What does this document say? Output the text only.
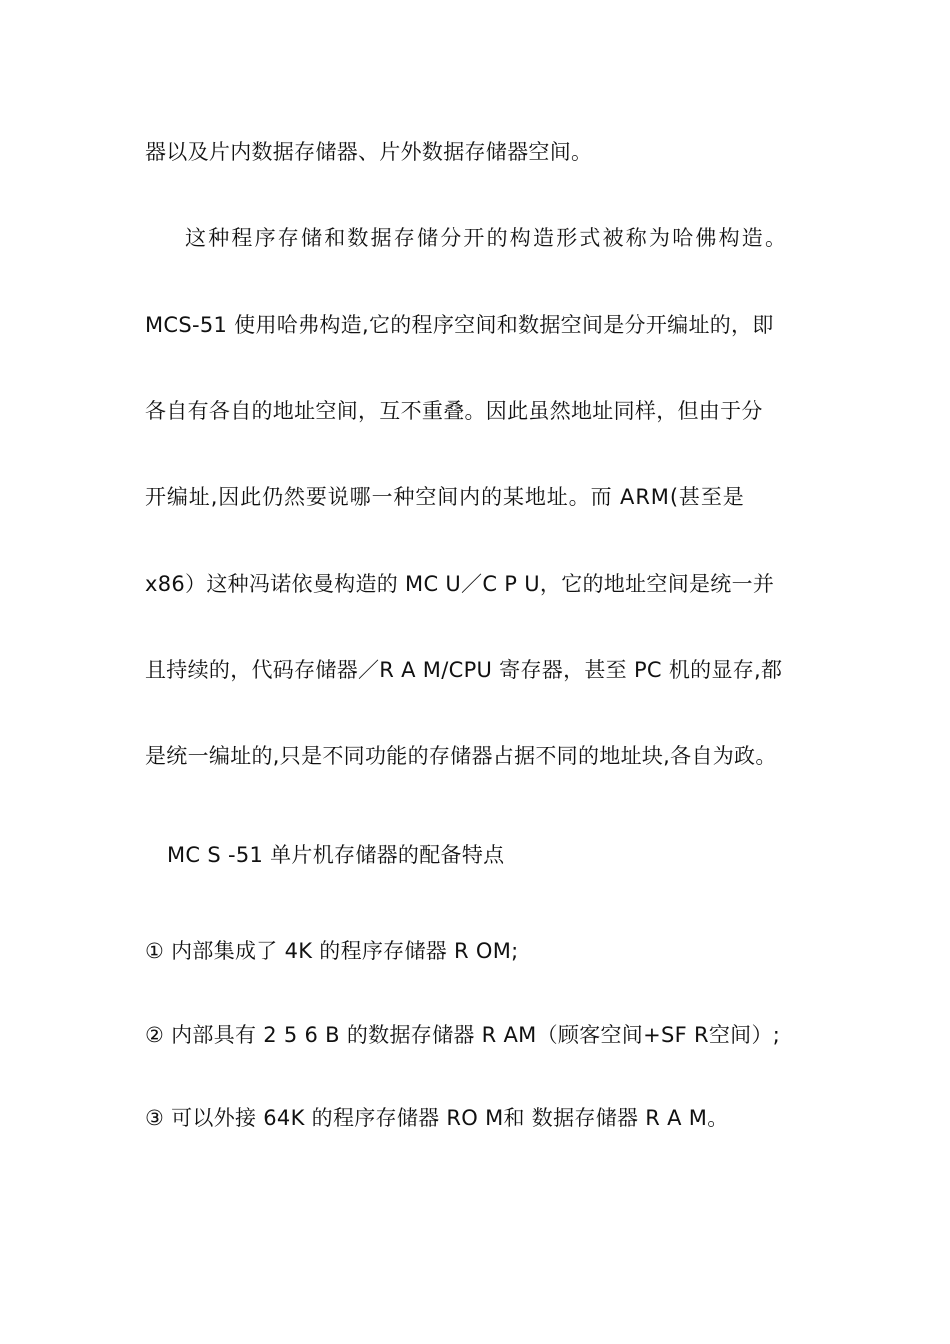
器以及片内数据存储器、片外数据存储器空间。
这种程序存储和数据存储分开的构造形式被称为哈佛构造。
MCS-51 使用哈弗构造,它的程序空间和数据空间是分开编址的，即
各自有各自的地址空间，互不重叠。因此虽然地址同样，但由于分
开编址,因此仍然要说哪一种空间内的某地址。而 ARM(甚至是
x86）这种冯诺依曼构造的 MC U／C P U，它的地址空间是统一并
且持续的，代码存储器／R A M/CPU 寄存器，甚至 PC 机的显存,都
是统一编址的,只是不同功能的存储器占据不同的地址块,各自为政。
MC S -51 单片机存储器的配备特点
① 内部集成了 4K 的程序存储器 R OM;
② 内部具有 2 5 6 B 的数据存储器 R AM（顾客空间+SF R空间）;
③ 可以外接 64K 的程序存储器 RO M和 数据存储器 R A M。
